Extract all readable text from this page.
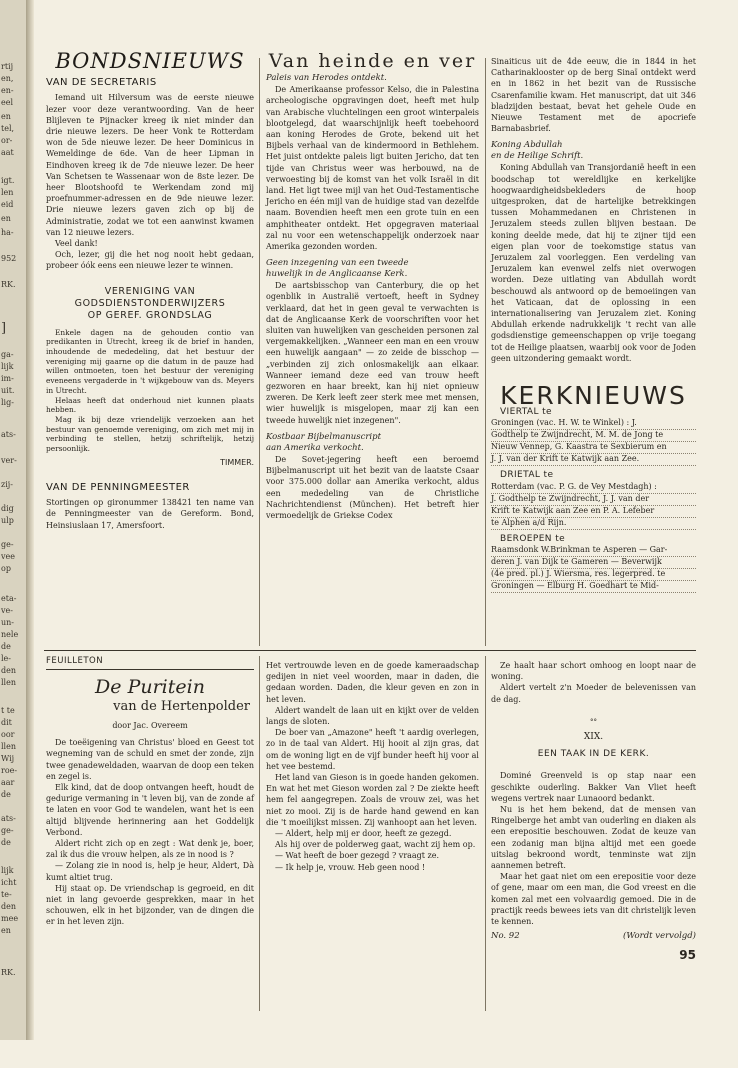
rtij
en,
en-
eel
en
tel,
or-
aat
igt.
len
eid
en
ha-
952
RK.
]
ga-
lijk
im-
uit.
lig-
ats-
ver-
zij-
dig
ulp
ge-
vee
op
eta-
ve-
un-
nele
de
le-
den
llen
t te
dit
oor
llen
Wij
roe-
aar
de
ats-
ge-
de
lijk
icht
te-
den
mee
en
RK.
BONDSNIEUWS
VAN DE SECRETARIS

Iemand uit Hilversum was de eerste nieuwe lezer voor deze verantwoording. Van de heer Blijleven te Pijnacker kreeg ik niet minder dan drie nieuwe lezers. De heer Vonk te Rotterdam won de 5de nieuwe lezer. De heer Dominicus in Wemeldinge de 6de. Van de heer Lipman in Eindhoven kreeg ik de 7de nieuwe lezer. De heer Van Schetsen te Wassenaar won de 8ste lezer. De heer Blootshoofd te Werkendam zond mij proefnummer-adressen en de 9de nieuwe lezer. Drie nieuwe lezers gaven zich op bij de Administratie, zodat we tot een aanwinst kwamen van 12 nieuwe lezers.

Veel dank!

Och, lezer, gij die het nog nooit hebt gedaan, probeer óók eens een nieuwe lezer te winnen.

VERENIGING VAN
GODSDIENSTONDERWIJZERS
OP GEREF. GRONDSLAG

Enkele dagen na de gehouden contio van predikanten in Utrecht, kreeg ik de brief in handen, inhoudende de mededeling, dat het bestuur der vereniging mij gaarne op die datum in de pauze had willen ontmoeten, toen het bestuur der vereniging eveneens vergaderde in 't wijkgebouw van ds. Meyers in Utrecht.

Helaas heeft dat onderhoud niet kunnen plaats hebben.

Mag ik bij deze vriendelijk verzoeken aan het bestuur van genoemde vereniging, om zich met mij in verbinding te stellen, hetzij schriftelijk, hetzij persoonlijk.

TIMMER.
VAN DE PENNINGMEESTER

Stortingen op gironummer 138421 ten name van de Penningmeester van de Gereform. Bond, Heinsiuslaan 17, Amersfoort.

Van heinde en ver
Paleis van Herodes ontdekt.

De Amerikaanse professor Kelso, die in Palestina archeologische opgravingen doet, heeft met hulp van Arabische vluchtelingen een groot winterpaleis blootgelegd, dat waarschijnlijk heeft toebehoord aan koning Herodes de Grote, bekend uit het Bijbels verhaal van de kindermoord in Bethlehem. Het juist ontdekte paleis ligt buiten Jericho, dat ten tijde van Christus weer was herbouwd, na de verwoesting bij de komst van het volk Israël in dit land. Het ligt twee mijl van het Oud-Testamentische Jericho en één mijl van de huidige stad van dezelfde naam. Bovendien heeft men een grote tuin en een amphitheater ontdekt. Het opgegraven materiaal zal nu voor een wetenschappelijk onderzoek naar Amerika gezonden worden.

Geen inzegening van een tweede
huwelijk in de Anglicaanse Kerk.

De aartsbisschop van Canterbury, die op het ogenblik in Australië vertoeft, heeft in Sydney verklaard, dat het in geen geval te verwachten is dat de Anglicaanse Kerk de voorschriften voor het sluiten van huwelijken van gescheiden personen zal vergemakkelijken. „Wanneer een man en een vrouw een huwelijk aangaan" — zo zeide de bisschop — „verbinden zij zich onlosmakelijk aan elkaar. Wanneer iemand deze eed van trouw heeft gezworen en haar breekt, kan hij niet opnieuw zweren. De Kerk leeft zeer sterk mee met mensen, wier huwelijk is misgelopen, maar zij kan een tweede huwelijk niet inzegenen".

Kostbaar Bijbelmanuscript
aan Amerika verkocht.

De Sovet-jegering heeft een beroemd Bijbelmanuscript uit het bezit van de laatste Csaar voor 375.000 dollar aan Amerika verkocht, aldus een mededeling van de Christliche Nachrichtendienst (München). Het betreft hier vermoedelijk de Griekse Codex

Sinaiticus uit de 4de eeuw, die in 1844 in het Catharinaklooster op de berg Sinaï ontdekt werd en in 1862 in het bezit van de Russische Csarenfamilie kwam. Het manuscript, dat uit 346 bladzijden bestaat, bevat het gehele Oude en Nieuwe Testament met de apocriefe Barnabasbrief.

Koning Abdullah
en de Heilige Schrift.

Koning Abdullah van Transjordanië heeft in een boodschap tot wereldlijke en kerkelijke hoogwaardigheidsbekleders de hoop uitgesproken, dat de hartelijke betrekkingen tussen Mohammedanen en Christenen in Jeruzalem steeds zullen blijven bestaan. De koning deelde mede, dat hij te zijner tijd een eigen plan voor de toekomstige status van Jeruzalem zal voorleggen. Een verdeling van Jeruzalem kan evenwel zelfs niet overwogen worden. Deze uitlating van Abdullah wordt beschouwd als antwoord op de bemoeiingen van het Vaticaan, dat de oplossing in een internationalisering van Jeruzalem ziet. Koning Abdullah erkende nadrukkelijk 't recht van alle godsdienstige gemeenschappen op vrije toegang tot de Heilige plaatsen, waarbij ook voor de Joden geen uitzondering gemaakt wordt.

KERKNIEUWS

VIERTAL te

Groningen (vac. H. W. te Winkel) : J.

Godthelp te Zwijndrecht, M. M. de Jong te

Nieuw Vennep, G. Kaastra te Sexbierum en

J. J. van der Krift te Katwijk aan Zee.

DRIETAL te

Rotterdam (vac. P. G. de Vey Mestdagh) :

J. Godthelp te Zwijndrecht, J. J. van der

Krift te Katwijk aan Zee en P. A. Lefeber

te Alphen a/d Rijn.

BEROEPEN te

Raamsdonk W.Brinkman te Asperen — Gar-

deren J. van Dijk te Gameren — Beverwijk

(4e pred. pl.) J. Wiersma, res. legerpred. te

Groningen — Elburg H. Goedhart te Mid-

FEUILLETON
De Puritein
van de Hertenpolder
door Jac. Overeem

De toeëigening van Christus' bloed en Geest tot wegneming van de schuld en smet der zonde, zijn twee genadeweldaden, waarvan de doop een teken en zegel is.

Elk kind, dat de doop ontvangen heeft, houdt de gedurige vermaning in 't leven bij, van de zonde af te laten en voor God te wandelen, want het is een altijd blijvende herinnering aan het Goddelijk Verbond.

Aldert richt zich op en zegt : Wat denk je, boer, zal ik dus die vrouw helpen, als ze in nood is ?

— Zolang zie in nood is, help je heur, Aldert, Dà kumt altiet trug.

Hij staat op. De vriendschap is gegroeid, en dit niet in lang gevoerde gesprekken, maar in het schouwen, elk in het bijzonder, van de dingen die er in het leven zijn.

Het vertrouwde leven en de goede kameraadschap gedijen in niet veel woorden, maar in daden, die gedaan worden. Daden, die kleur geven en zon in het leven.

Aldert wandelt de laan uit en kijkt over de velden langs de sloten.

De boer van „Amazone" heeft 't aardig overlegen, zo in de taal van Aldert. Hij hooit al zijn gras, dat om de woning ligt en de vijf bunder heeft hij voor al het vee bestemd.

Het land van Gieson is in goede handen gekomen. En wat het met Gieson worden zal ? De ziekte heeft hem fel aangegrepen. Zoals de vrouw zei, was het niet zo mooi. Zij is de harde hand gewend en kan die 't moeilijkst missen. Zij wanhoopt aan het leven.

— Aldert, help mij er door, heeft ze gezegd.

Als hij over de polderweg gaat, wacht zij hem op.

— Wat heeft de boer gezegd ? vraagt ze.

— Ik help je, vrouw. Heb geen nood !

Ze haalt haar schort omhoog en loopt naar de woning.

Aldert vertelt z'n Moeder de belevenissen van de dag.

°°
XIX.
EEN TAAK IN DE KERK.

Dominé Greenveld is op stap naar een geschikte ouderling. Bakker Van Vliet heeft wegens vertrek naar Lunaoord bedankt.

Nu is het hem bekend, dat de mensen van Ringelberge het ambt van ouderling en diaken als een erepositie beschouwen. Zodat de keuze van een zodanig man bijna altijd met een goede uitslag bekroond wordt, tenminste wat zijn aannemen betreft.

Maar het gaat niet om een erepositie voor deze of gene, maar om een man, die God vreest en die komen zal met een volvaardig gemoed. Die in de practijk reeds bewees iets van dit christelijk leven te kennen.

No. 92	(Wordt vervolgd)
95
